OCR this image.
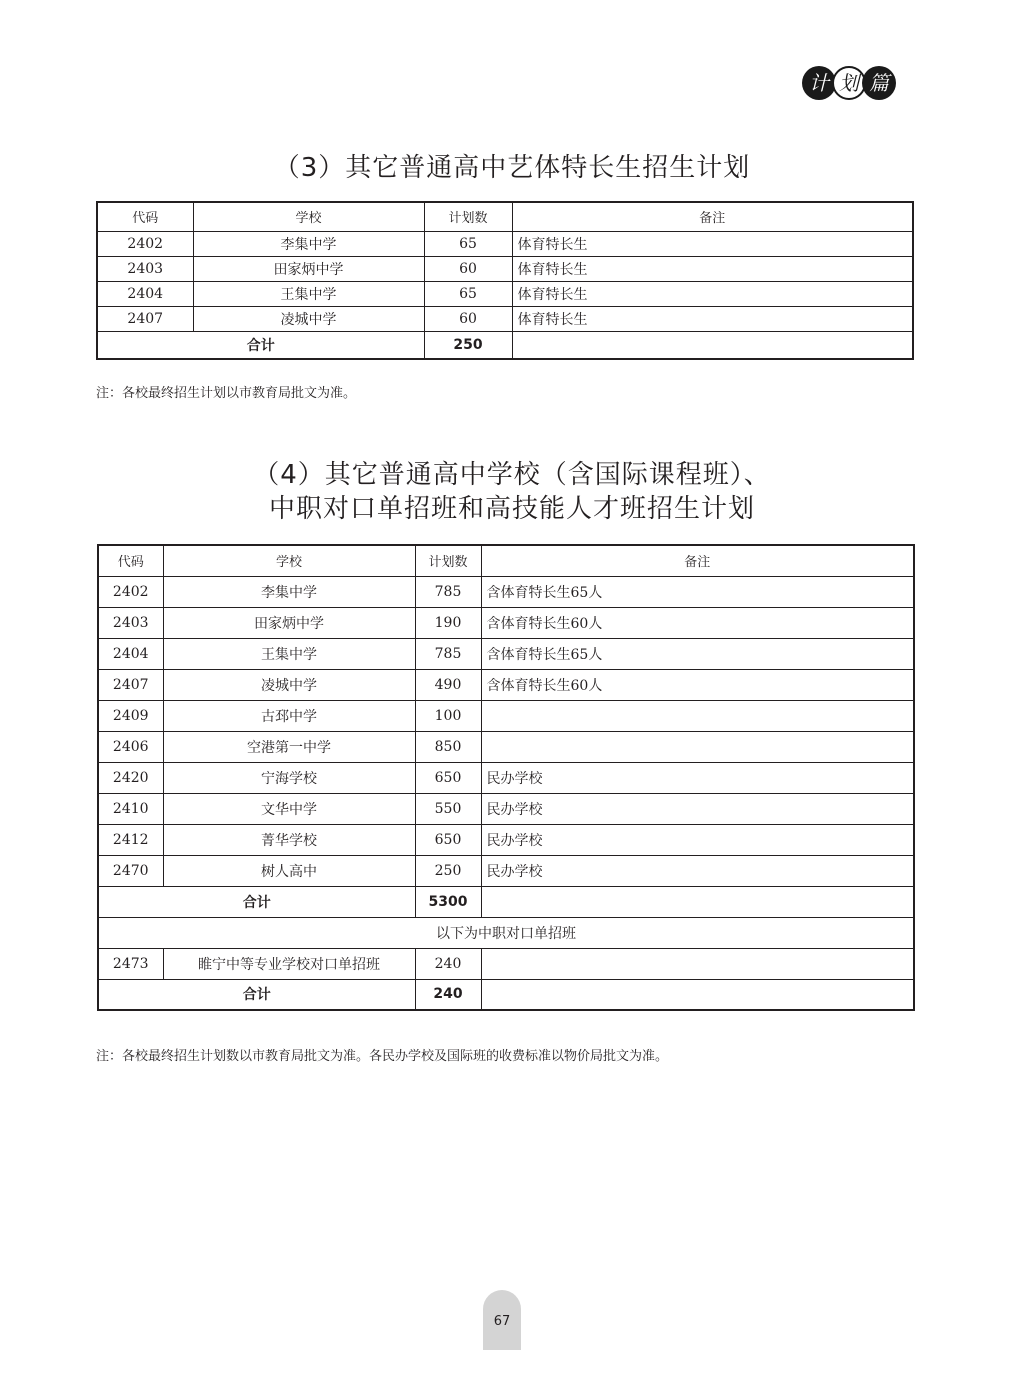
计 划 篇
（3）其它普通高中艺体特长生招生计划
代码	学校	计划数	备注
2402	李集中学	65	体育特长生
2403	田家炳中学	60	体育特长生
2404	王集中学	65	体育特长生
2407	凌城中学	60	体育特长生
合计		250	

注：各校最终招生计划以市教育局批文为准。

（4）其它普通高中学校（含国际课程班）、
中职对口单招班和高技能人才班招生计划
代码	学校	计划数	备注
2402	李集中学	785	含体育特长生65人
2403	田家炳中学	190	含体育特长生60人
2404	王集中学	785	含体育特长生65人
2407	凌城中学	490	含体育特长生60人
2409	古邳中学	100	
2406	空港第一中学	850	
2420	宁海学校	650	民办学校
2410	文华中学	550	民办学校
2412	菁华学校	650	民办学校
2470	树人高中	250	民办学校
合计		5300	
以下为中职对口单招班			
2473	睢宁中等专业学校对口单招班	240	
合计		240	

注：各校最终招生计划数以市教育局批文为准。各民办学校及国际班的收费标准以物价局批文为准。

67
